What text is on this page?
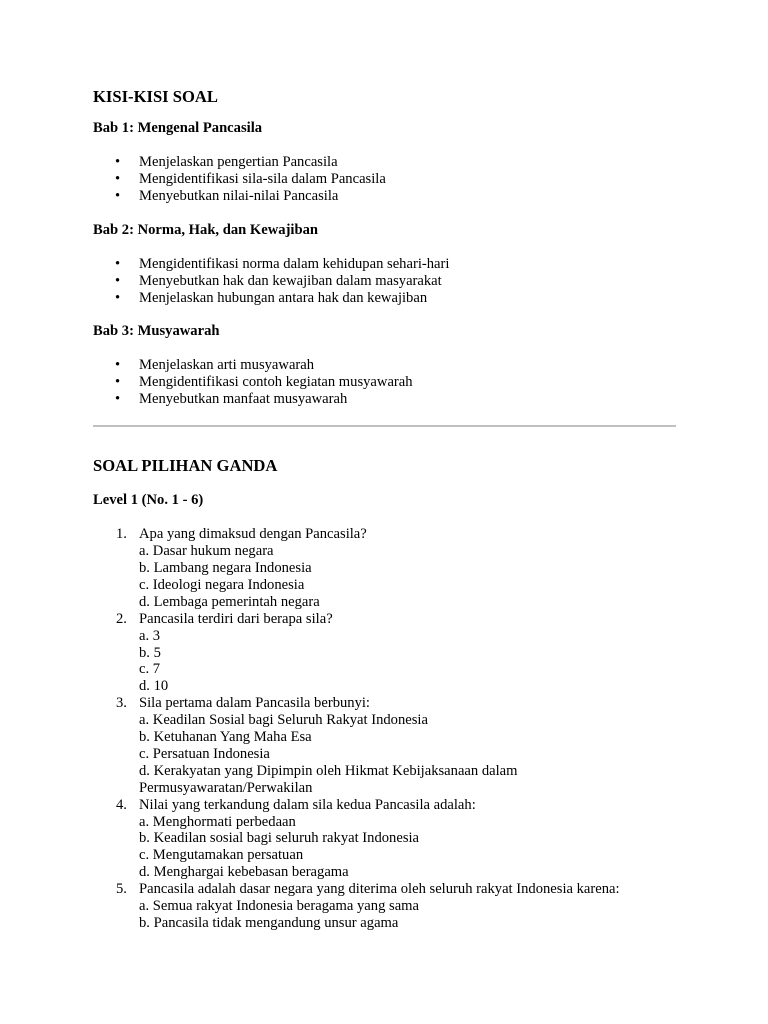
KISI-KISI SOAL
Bab 1: Mengenal Pancasila
• Menjelaskan pengertian Pancasila
• Mengidentifikasi sila-sila dalam Pancasila
• Menyebutkan nilai-nilai Pancasila
Bab 2: Norma, Hak, dan Kewajiban
• Mengidentifikasi norma dalam kehidupan sehari-hari
• Menyebutkan hak dan kewajiban dalam masyarakat
• Menjelaskan hubungan antara hak dan kewajiban
Bab 3: Musyawarah
• Menjelaskan arti musyawarah
• Mengidentifikasi contoh kegiatan musyawarah
• Menyebutkan manfaat musyawarah
SOAL PILIHAN GANDA
Level 1 (No. 1 - 6)
1. Apa yang dimaksud dengan Pancasila?
a. Dasar hukum negara
b. Lambang negara Indonesia
c. Ideologi negara Indonesia
d. Lembaga pemerintah negara
2. Pancasila terdiri dari berapa sila?
a. 3
b. 5
c. 7
d. 10
3. Sila pertama dalam Pancasila berbunyi:
a. Keadilan Sosial bagi Seluruh Rakyat Indonesia
b. Ketuhanan Yang Maha Esa
c. Persatuan Indonesia
d. Kerakyatan yang Dipimpin oleh Hikmat Kebijaksanaan dalam Permusyawaratan/Perwakilan
4. Nilai yang terkandung dalam sila kedua Pancasila adalah:
a. Menghormati perbedaan
b. Keadilan sosial bagi seluruh rakyat Indonesia
c. Mengutamakan persatuan
d. Menghargai kebebasan beragama
5. Pancasila adalah dasar negara yang diterima oleh seluruh rakyat Indonesia karena:
a. Semua rakyat Indonesia beragama yang sama
b. Pancasila tidak mengandung unsur agama
